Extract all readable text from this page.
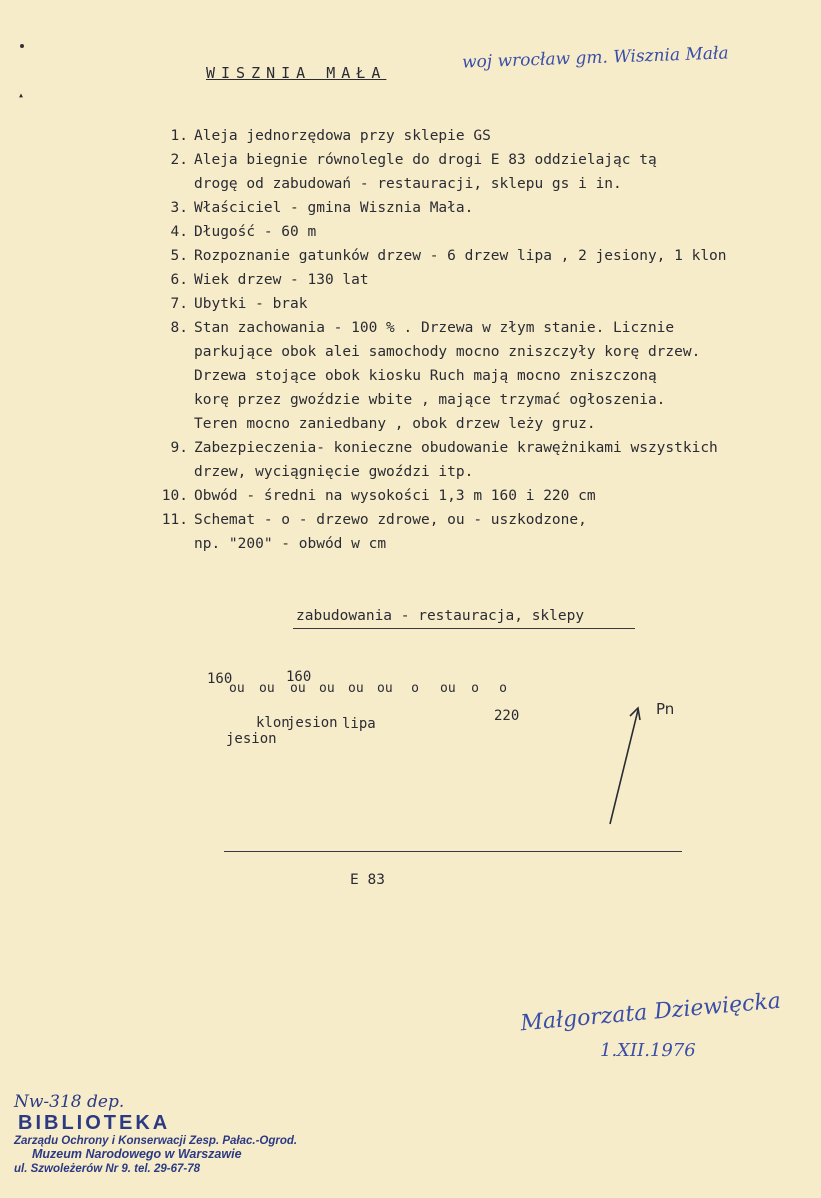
WISZNIA MAŁA
woj wrocław gm. Wisznia Mała
1. Aleja jednorzędowa przy sklepie GS
2. Aleja biegnie równolegle do drogi E 83 oddzielając tą
drogę od zabudowań - restauracji, sklepu gs i in.
3. Właściciel - gmina Wisznia Mała.
4. Długość - 60 m
5. Rozpoznanie gatunków drzew - 6 drzew lipa , 2 jesiony, 1 klon
6. Wiek drzew - 130 lat
7. Ubytki - brak
8. Stan zachowania - 100 % . Drzewa w złym stanie. Licznie
parkujące obok alei samochody mocno zniszczyły korę drzew.
Drzewa stojące obok kiosku Ruch mają mocno zniszczoną
korę przez gwoździe wbite , mające trzymać ogłoszenia.
Teren mocno zaniedbany , obok drzew leży gruz.
9. Zabezpieczenia- konieczne obudowanie krawężnikami wszystkich
drzew, wyciągnięcie gwoździ itp.
10. Obwód - średni na wysokości 1,3 m 160 i 220 cm
11. Schemat - o - drzewo zdrowe, ou - uszkodzone,
np. "200" - obwód w cm
zabudowania - restauracja, sklepy
160	160
220
ou ou ou ou ou ou o ou o o
jesion
klon
jesion lipa
Pn
E 83
Małgorzata Dziewięcka
1.XII.1976
Nw-318 dep.
BIBLIOTEKA
Zarządu Ochrony i Konserwacji Zesp. Pałac.-Ogrod.
Muzeum Narodowego w Warszawie
ul. Szwoleżerów Nr 9. tel. 29-67-78
▴
